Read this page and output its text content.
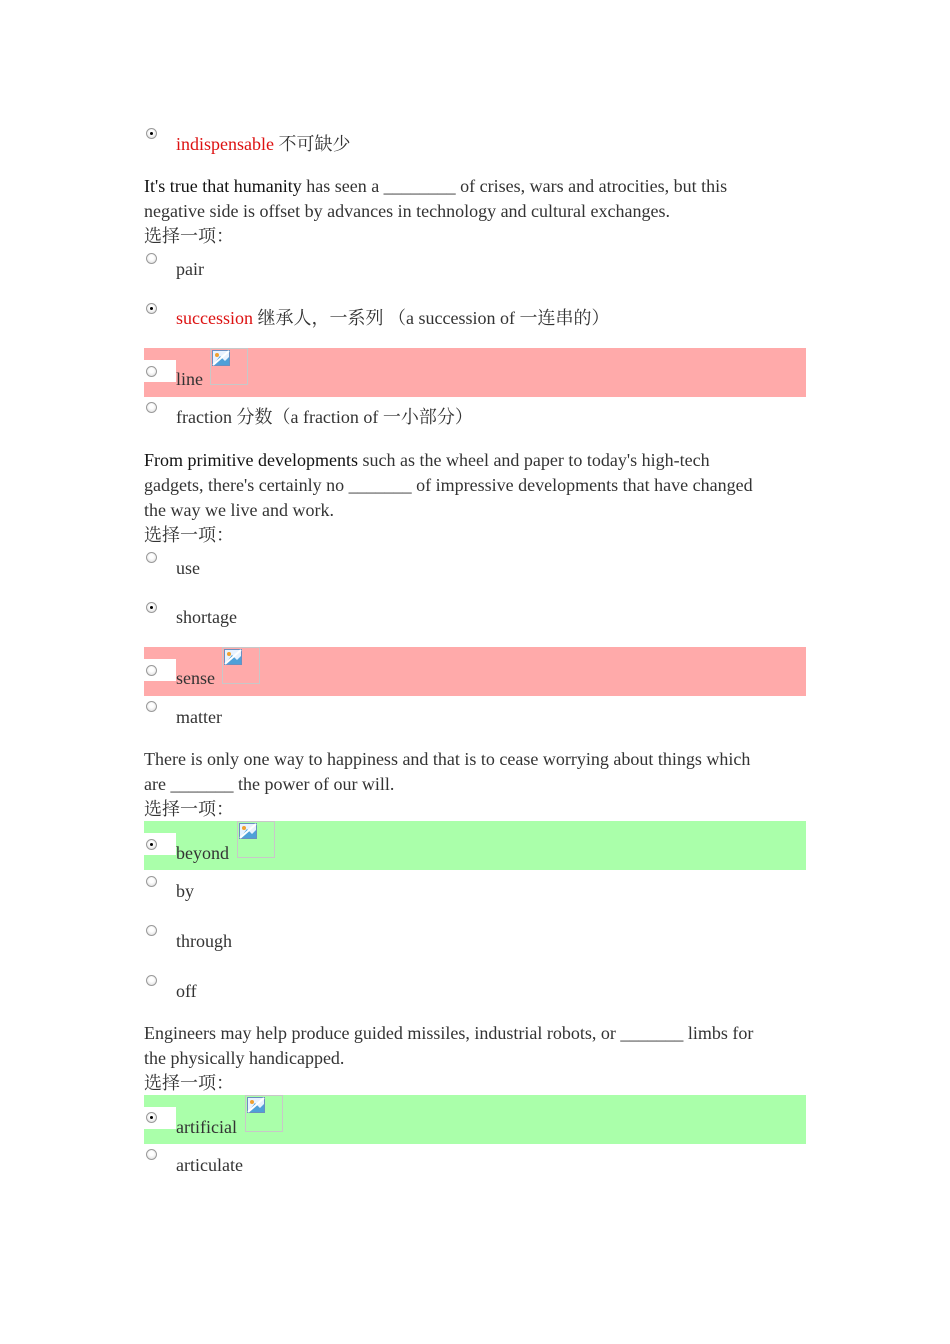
indispensable 不可缺少

It's true that humanity has seen a ________ of crises, wars and atrocities, but this
negative side is offset by advances in technology and cultural exchanges.

选择一项：
pair
succession 继承人，一系列 （a succession of 一连串的）
line
fraction 分数（a fraction of 一小部分）

From primitive developments such as the wheel and paper to today's high-tech
gadgets, there's certainly no _______ of impressive developments that have changed
the way we live and work.

选择一项：
use
shortage
sense
matter

There is only one way to happiness and that is to cease worrying about things which
are _______ the power of our will.

选择一项：
beyond
by
through
off

Engineers may help produce guided missiles, industrial robots, or _______ limbs for
the physically handicapped.

选择一项：
artificial
articulate
